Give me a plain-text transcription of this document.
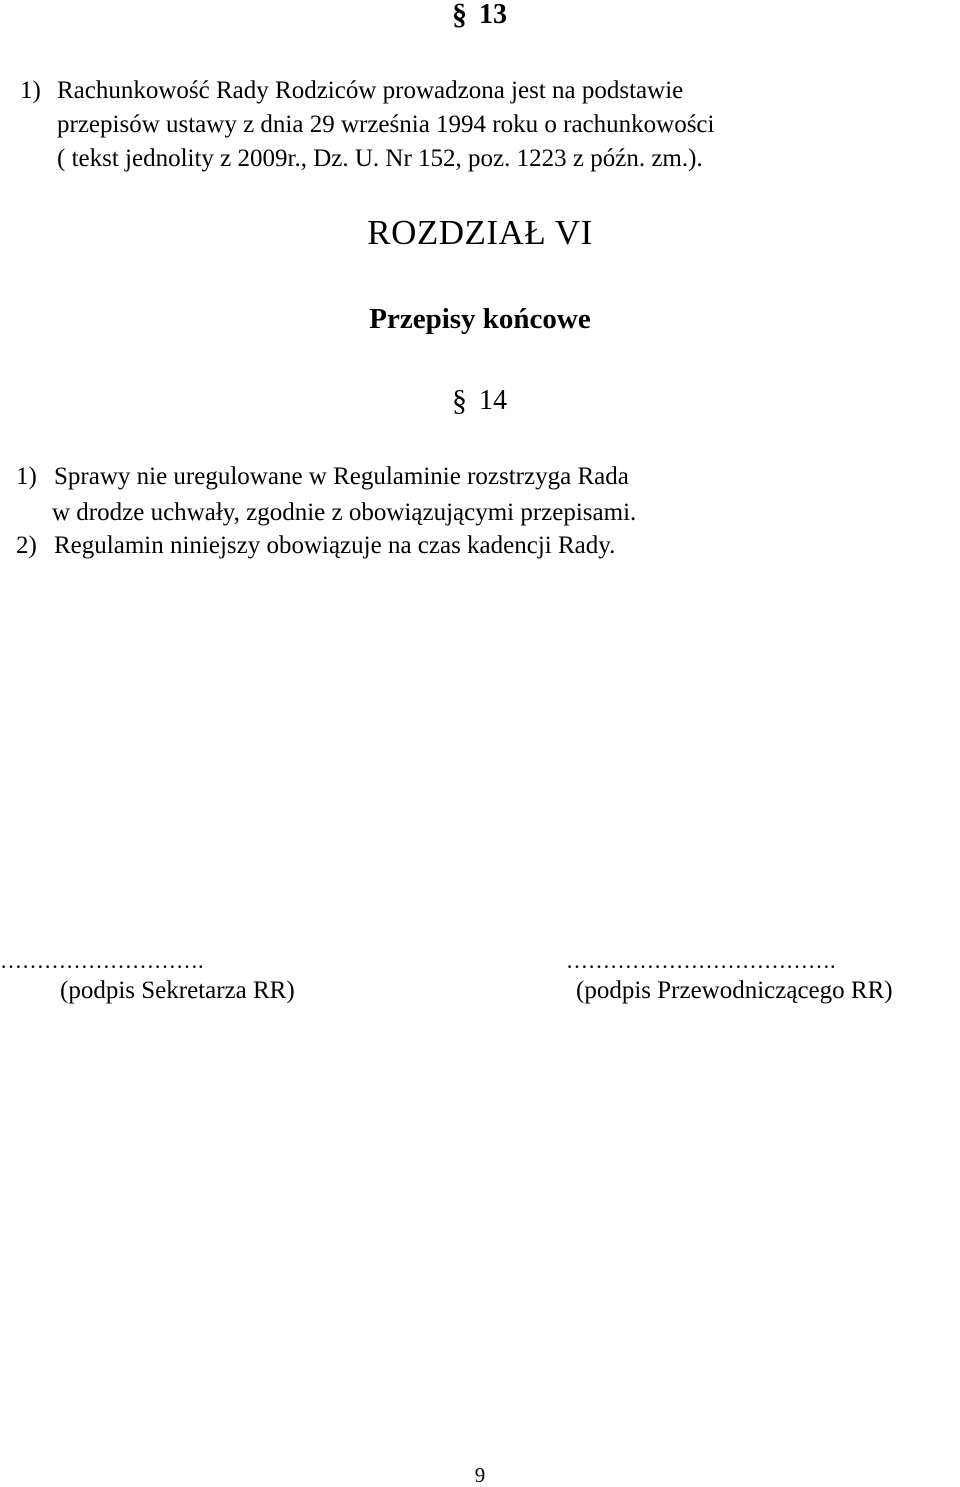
§ 13
1) Rachunkowość Rady Rodziców prowadzona jest na podstawie
przepisów ustawy z dnia 29 września 1994 roku o rachunkowości
( tekst jednolity z 2009r., Dz. U. Nr 152, poz. 1223 z późn. zm.).
ROZDZIAŁ VI
Przepisy końcowe
§ 14
1) Sprawy nie uregulowane w Regulaminie rozstrzyga Rada
w drodze uchwały, zgodnie z obowiązującymi przepisami.
2) Regulamin niniejszy obowiązuje na czas kadencji Rady.
……………………….
(podpis Sekretarza RR)
……………………………….
(podpis Przewodniczącego RR)
9
